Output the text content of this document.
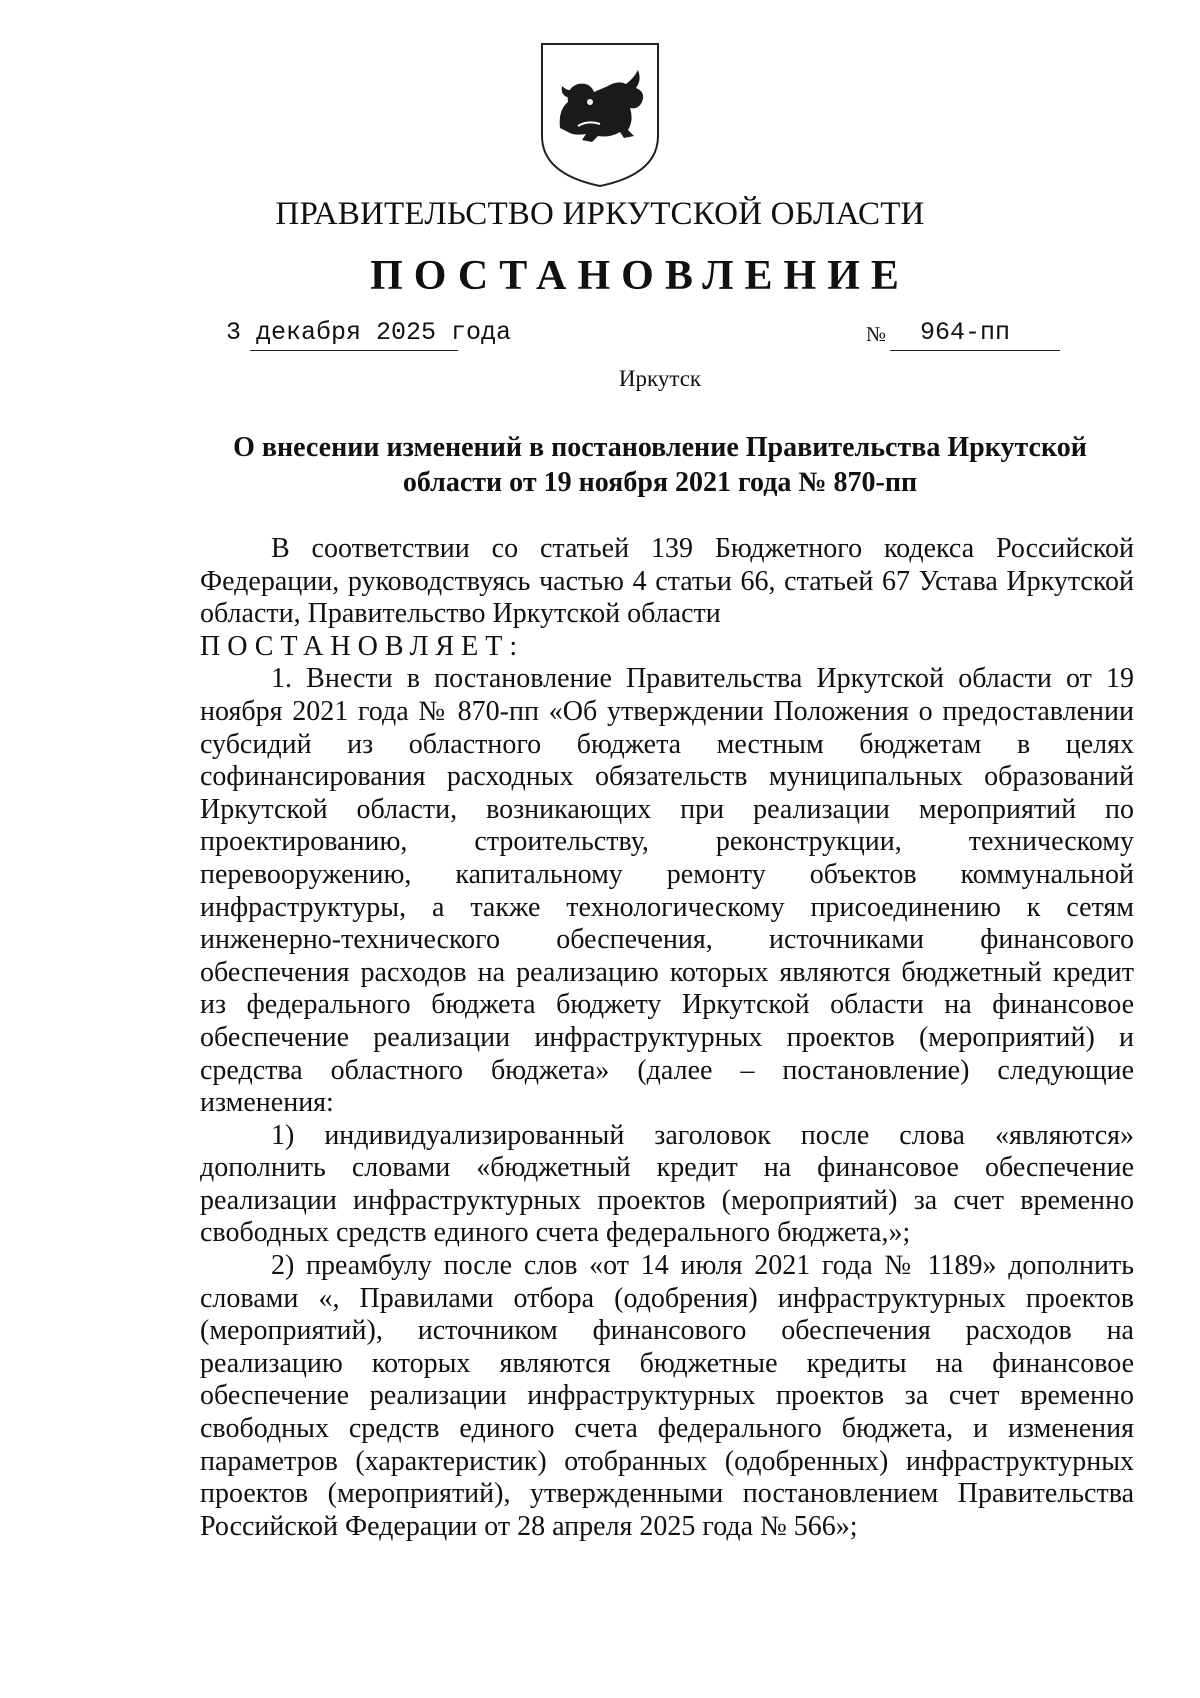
ПРАВИТЕЛЬСТВО ИРКУТСКОЙ ОБЛАСТИ
ПОСТАНОВЛЕНИЕ
3 декабря 2025 года	№ 964-пп
Иркутск
О внесении изменений в постановление Правительства Иркутской
области от 19 ноября 2021 года № 870-пп

В соответствии со статьей 139 Бюджетного кодекса Российской Федерации, руководствуясь частью 4 статьи 66, статьей 67 Устава Иркутской области, Правительство Иркутской области

ПОСТАНОВЛЯЕТ:

1. Внести в постановление Правительства Иркутской области от 19 ноября 2021 года № 870-пп «Об утверждении Положения о предоставлении субсидий из областного бюджета местным бюджетам в целях софинансирования расходных обязательств муниципальных образований Иркутской области, возникающих при реализации мероприятий по проектированию, строительству, реконструкции, техническому перевооружению, капитальному ремонту объектов коммунальной инфраструктуры, а также технологическому присоединению к сетям инженерно-технического обеспечения, источниками финансового обеспечения расходов на реализацию которых являются бюджетный кредит из федерального бюджета бюджету Иркутской области на финансовое обеспечение реализации инфраструктурных проектов (мероприятий) и средства областного бюджета» (далее – постановление) следующие изменения:

1) индивидуализированный заголовок после слова «являются» дополнить словами «бюджетный кредит на финансовое обеспечение реализации инфраструктурных проектов (мероприятий) за счет временно свободных средств единого счета федерального бюджета,»;

2) преамбулу после слов «от 14 июля 2021 года № 1189» дополнить словами «, Правилами отбора (одобрения) инфраструктурных проектов (мероприятий), источником финансового обеспечения расходов на реализацию которых являются бюджетные кредиты на финансовое обеспечение реализации инфраструктурных проектов за счет временно свободных средств единого счета федерального бюджета, и изменения параметров (характеристик) отобранных (одобренных) инфраструктурных проектов (мероприятий), утвержденными постановлением Правительства Российской Федерации от 28 апреля 2025 года № 566»;
